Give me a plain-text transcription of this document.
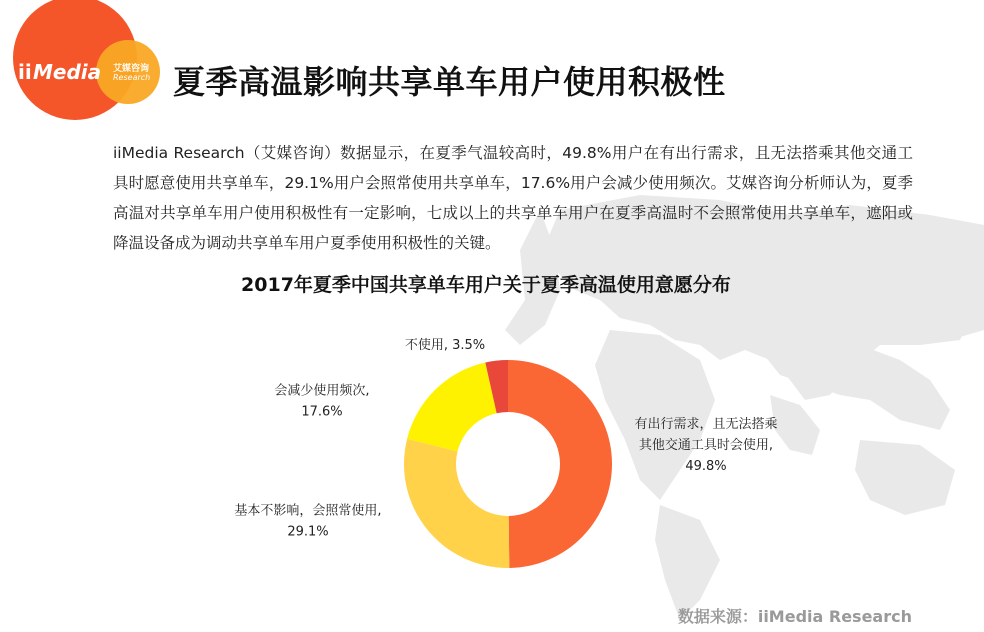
ii Media 艾媒咨询
Research 夏季高温影响共享单车用户使用积极性
iiMedia Research（艾媒咨询）数据显示，在夏季气温较高时，49.8%用户在有出行需求，且无法搭乘其他交通工具时愿意使用共享单车，29.1%用户会照常使用共享单车，17.6%用户会减少使用频次。艾媒咨询分析师认为，夏季高温对共享单车用户使用积极性有一定影响，七成以上的共享单车用户在夏季高温时不会照常使用共享单车，遮阳或降温设备成为调动共享单车用户夏季使用积极性的关键。
2017年夏季中国共享单车用户关于夏季高温使用意愿分布
有出行需求，且无法搭乘其他交通工具时会使用, 49.8%
基本不影响，会照常使用, 29.1%
会减少使用频次, 17.6%
不使用, 3.5%
数据来源：iiMedia Research
